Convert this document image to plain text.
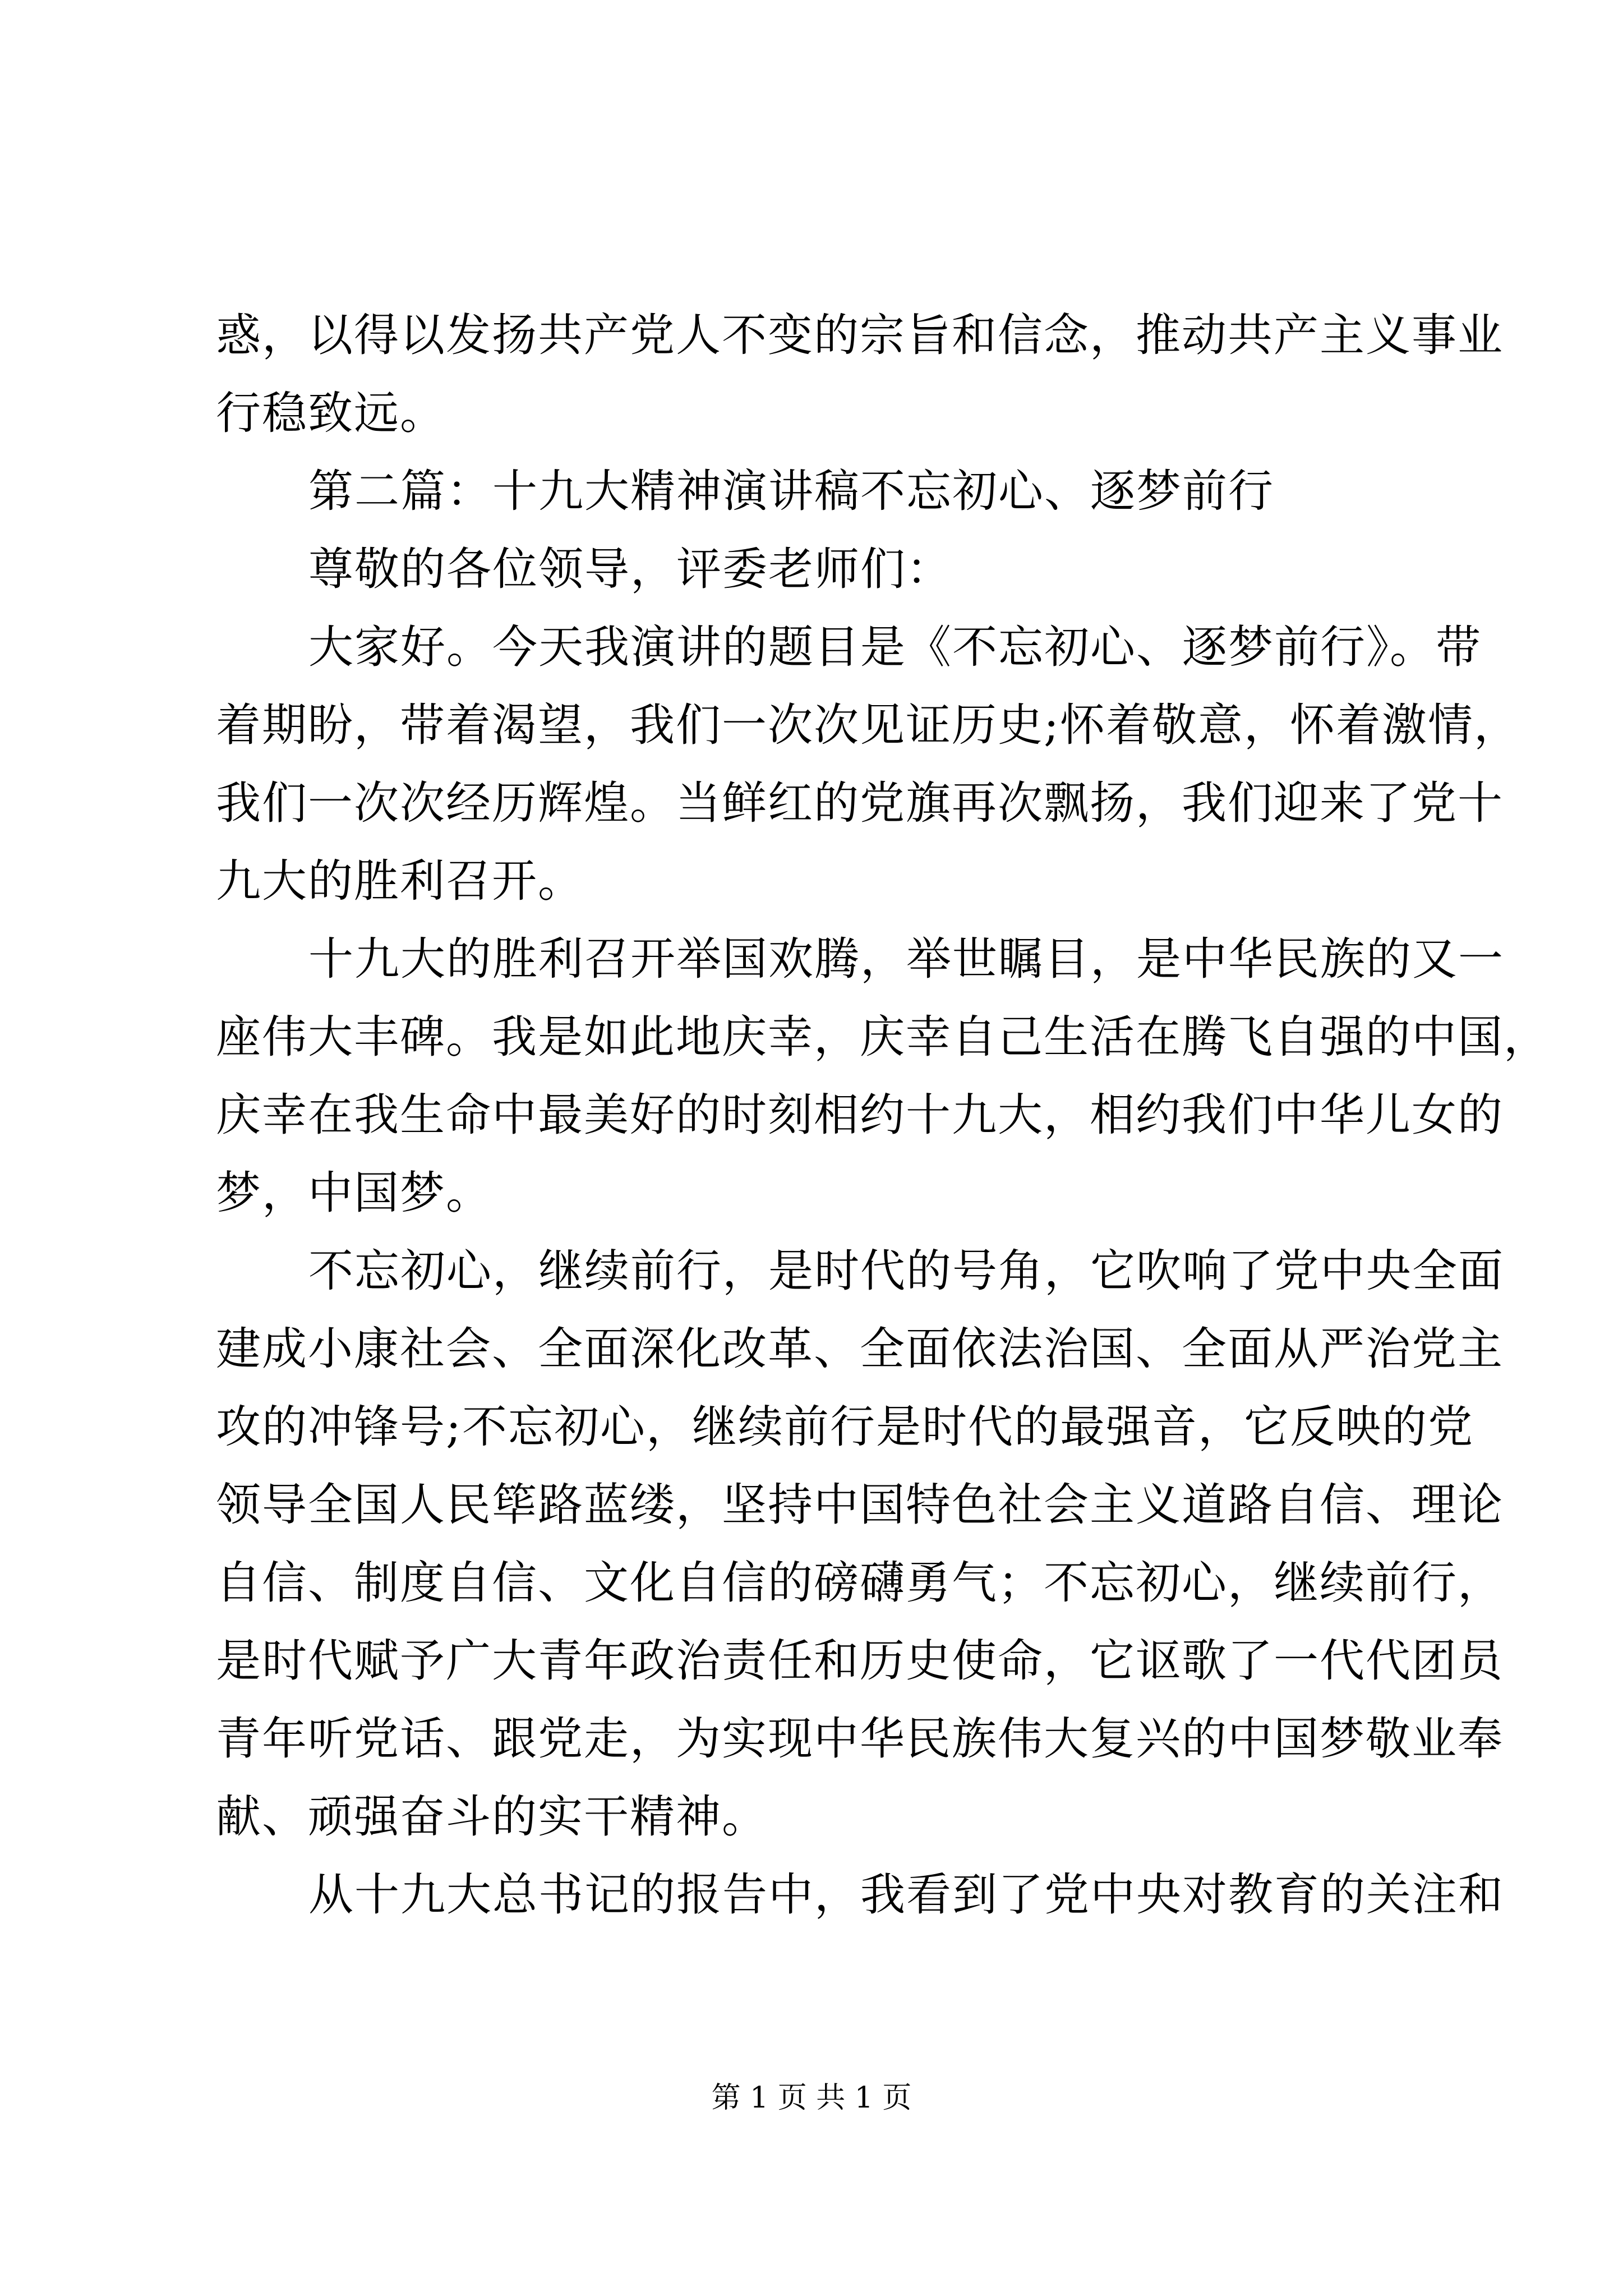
惑，以得以发扬共产党人不变的宗旨和信念，推动共产主义事业
行稳致远。
第二篇：十九大精神演讲稿不忘初心、逐梦前行
尊敬的各位领导，评委老师们：
大家好。今天我演讲的题目是《不忘初心、逐梦前行》。带
着期盼，带着渴望，我们一次次见证历史;怀着敬意，怀着激情，
我们一次次经历辉煌。当鲜红的党旗再次飘扬，我们迎来了党十
九大的胜利召开。
十九大的胜利召开举国欢腾，举世瞩目，是中华民族的又一
座伟大丰碑。我是如此地庆幸，庆幸自己生活在腾飞自强的中国，
庆幸在我生命中最美好的时刻相约十九大，相约我们中华儿女的
梦，中国梦。
不忘初心，继续前行，是时代的号角，它吹响了党中央全面
建成小康社会、全面深化改革、全面依法治国、全面从严治党主
攻的冲锋号;不忘初心，继续前行是时代的最强音，它反映的党
领导全国人民筚路蓝缕，坚持中国特色社会主义道路自信、理论
自信、制度自信、文化自信的磅礴勇气；不忘初心，继续前行，
是时代赋予广大青年政治责任和历史使命，它讴歌了一代代团员
青年听党话、跟党走，为实现中华民族伟大复兴的中国梦敬业奉
献、顽强奋斗的实干精神。
从十九大总书记的报告中，我看到了党中央对教育的关注和
第 1 页 共 1 页
